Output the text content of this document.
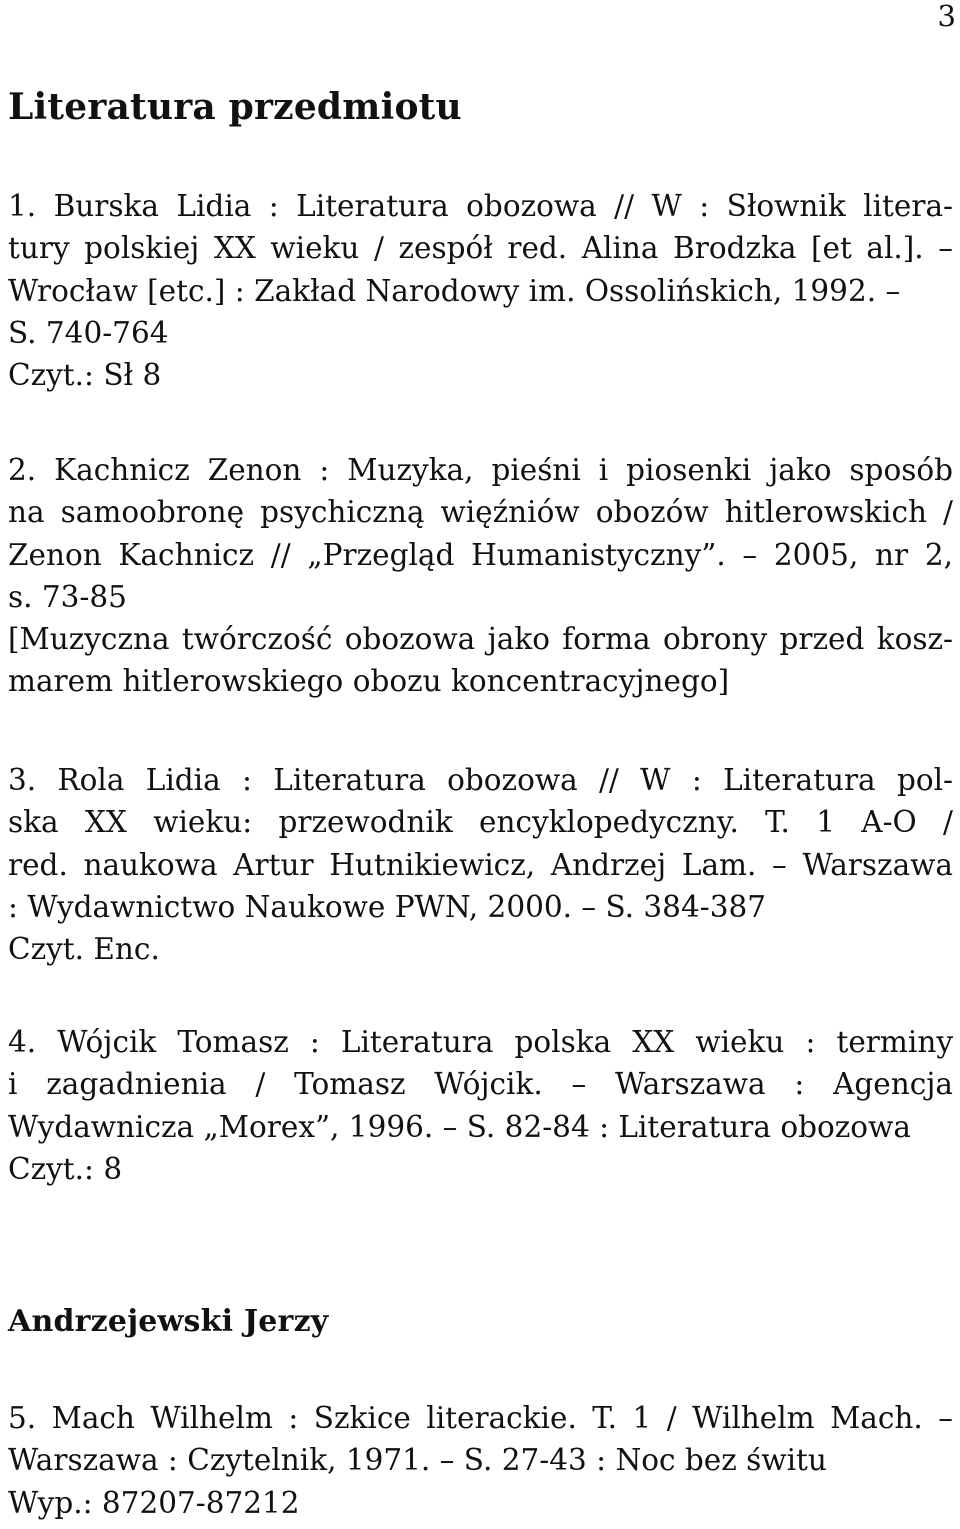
3
Literatura przedmiotu
1. Burska Lidia : Literatura obozowa // W : Słownik litera-
tury polskiej XX wieku / zespół red. Alina Brodzka [et al.]. –
Wrocław [etc.] : Zakład Narodowy im. Ossolińskich, 1992. –
S. 740-764
Czyt.: Sł 8
2. Kachnicz Zenon : Muzyka, pieśni i piosenki jako sposób
na samoobronę psychiczną więźniów obozów hitlerowskich /
Zenon Kachnicz // „Przegląd Humanistyczny”. – 2005, nr 2,
s. 73-85
[Muzyczna twórczość obozowa jako forma obrony przed kosz-
marem hitlerowskiego obozu koncentracyjnego]
3. Rola Lidia : Literatura obozowa // W : Literatura pol-
ska XX wieku: przewodnik encyklopedyczny. T. 1 A-O /
red. naukowa Artur Hutnikiewicz, Andrzej Lam. – Warszawa
: Wydawnictwo Naukowe PWN, 2000. – S. 384-387
Czyt. Enc.
4. Wójcik Tomasz : Literatura polska XX wieku : terminy
i zagadnienia / Tomasz Wójcik. – Warszawa : Agencja
Wydawnicza „Morex”, 1996. – S. 82-84 : Literatura obozowa
Czyt.: 8
Andrzejewski Jerzy
5. Mach Wilhelm : Szkice literackie. T. 1 / Wilhelm Mach. –
Warszawa : Czytelnik, 1971. – S. 27-43 : Noc bez świtu
Wyp.: 87207-87212
